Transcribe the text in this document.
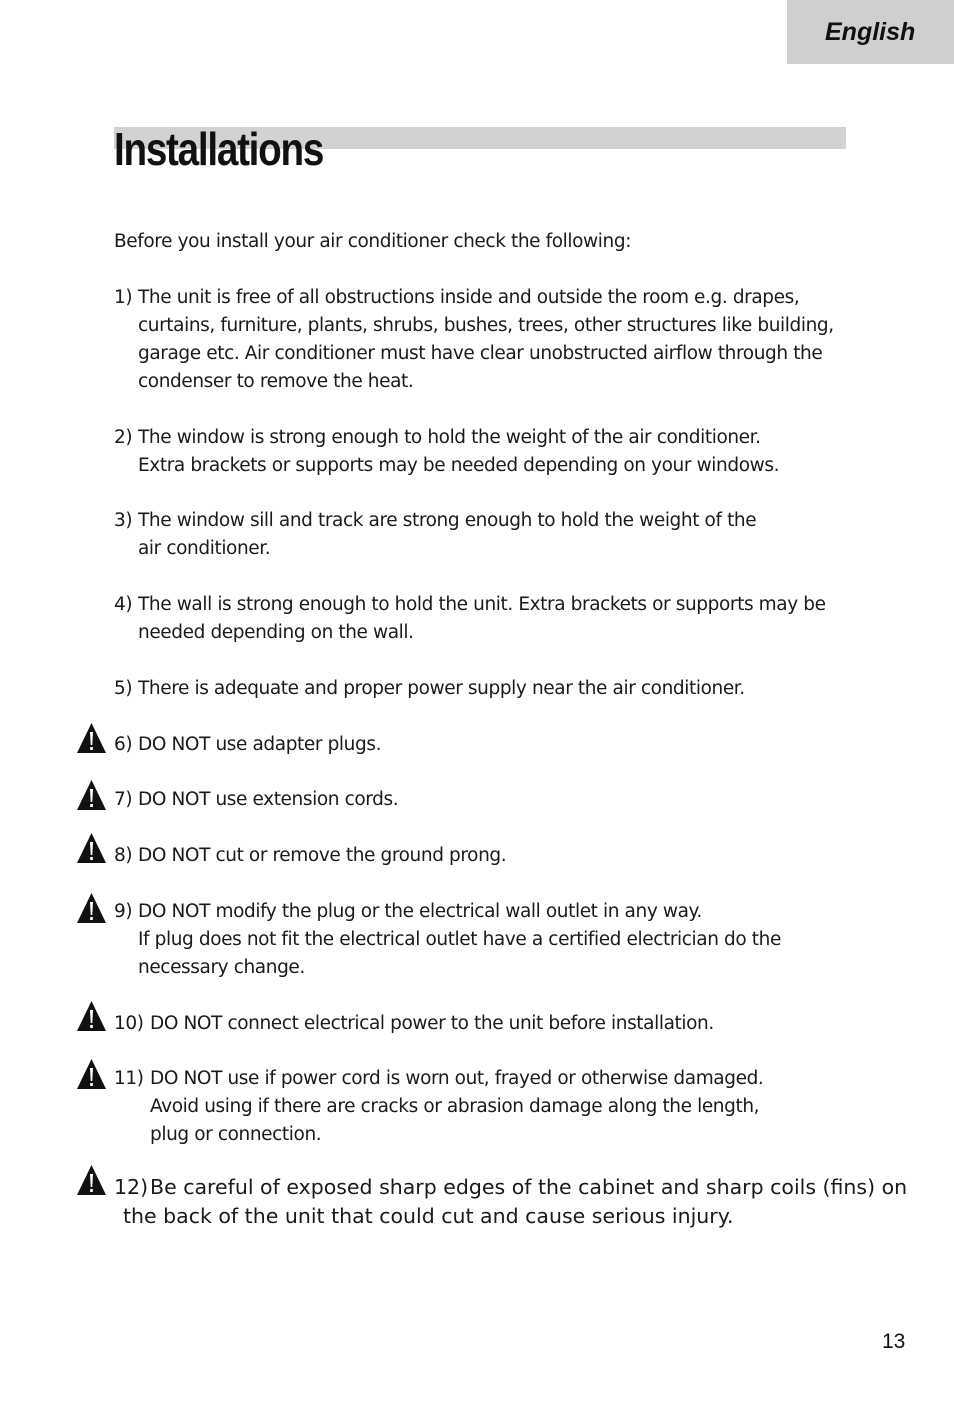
English
Installations

Before you install your air conditioner check the following:

1) The unit is free of all obstructions inside and outside the room e.g. drapes,
curtains, furniture, plants, shrubs, bushes, trees, other structures like building,
garage etc. Air conditioner must have clear unobstructed airflow through the
condenser to remove the heat.
2) The window is strong enough to hold the weight of the air conditioner.
Extra brackets or supports may be needed depending on your windows.
3) The window sill and track are strong enough to hold the weight of the
air conditioner.
4) The wall is strong enough to hold the unit. Extra brackets or supports may be
needed depending on the wall.
5) There is adequate and proper power supply near the air conditioner.
6) DO NOT use adapter plugs.
7) DO NOT use extension cords.
8) DO NOT cut or remove the ground prong.
9) DO NOT modify the plug or the electrical wall outlet in any way.
If plug does not fit the electrical outlet have a certified electrician do the
necessary change.
10) DO NOT connect electrical power to the unit before installation.
11) DO NOT use if power cord is worn out, frayed or otherwise damaged.
Avoid using if there are cracks or abrasion damage along the length,
plug or connection.
12) Be careful of exposed sharp edges of the cabinet and sharp coils (fins) on
the back of the unit that could cut and cause serious injury.
13
